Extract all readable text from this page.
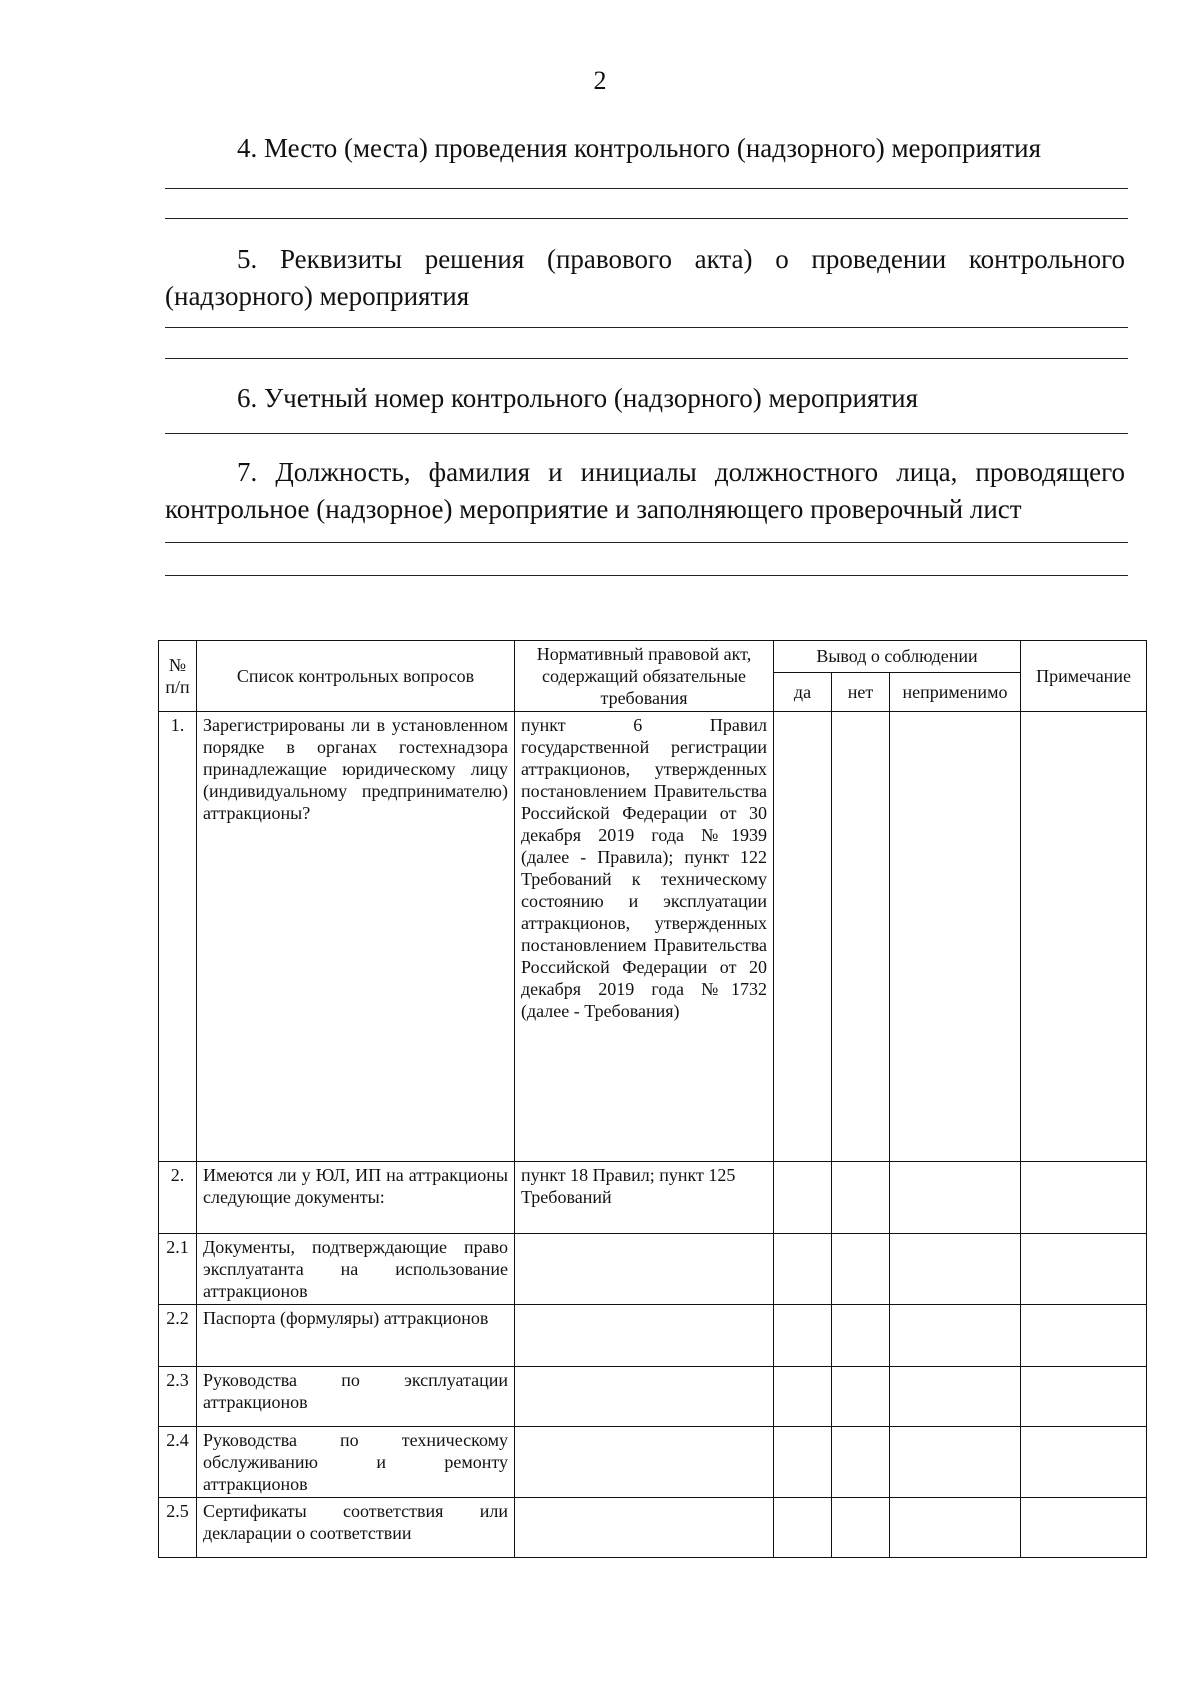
2
4. Место (места) проведения контрольного (надзорного) мероприятия
5. Реквизиты решения (правового акта) о проведении контрольного (надзорного) мероприятия
6. Учетный номер контрольного (надзорного) мероприятия
7. Должность, фамилия и инициалы должностного лица, проводящего контрольное (надзорное) мероприятие и заполняющего проверочный лист
№ п/п	Список контрольных вопросов	Нормативный правовой акт, содержащий обязательные требования	Вывод о соблюдении			Примечание
			да	нет	неприменимо	
1.	Зарегистрированы ли в установленном порядке в органах гостехнадзора принадлежащие юридическому лицу (индивидуальному предпринимателю) аттракционы?	пункт 6 Правил государственной регистрации аттракционов, утвержденных постановлением Правительства Российской Федерации от 30 декабря 2019 года №1939 (далее - Правила); пункт 122 Требований к техническому состоянию и эксплуатации аттракционов, утвержденных постановлением Правительства Российской Федерации от 20 декабря 2019 года №1732 (далее - Требования)				
2.	Имеются ли у ЮЛ, ИП на аттракционы следующие документы:	пункт 18 Правил; пункт 125 Требований				
2.1	Документы, подтверждающие право эксплуатанта на использование аттракционов					
2.2	Паспорта (формуляры) аттракционов					
2.3	Руководства по эксплуатации аттракционов					
2.4	Руководства по техническому обслуживанию и ремонту аттракционов					
2.5	Сертификаты соответствия или декларации о соответствии					
